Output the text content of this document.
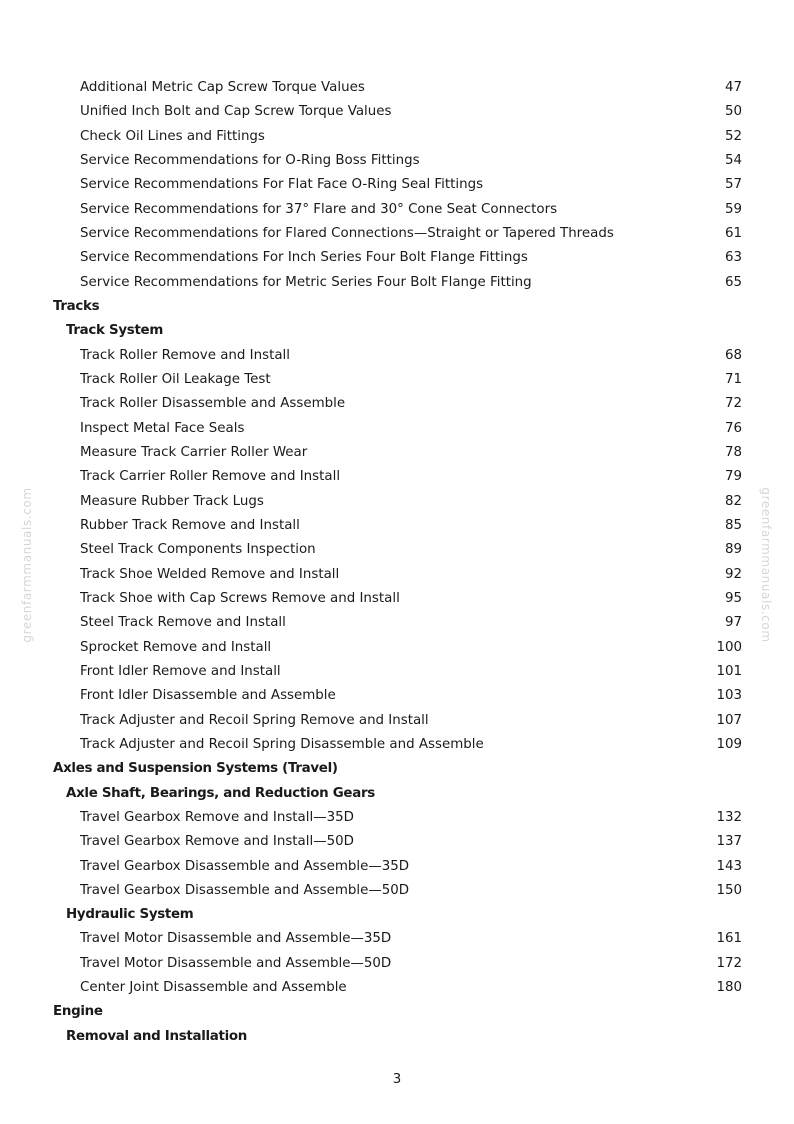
Additional Metric Cap Screw Torque Values	47
Unified Inch Bolt and Cap Screw Torque Values	50
Check Oil Lines and Fittings	52
Service Recommendations for O-Ring Boss Fittings	54
Service Recommendations For Flat Face O-Ring Seal Fittings	57
Service Recommendations for 37° Flare and 30° Cone Seat Connectors	59
Service Recommendations for Flared Connections—Straight or Tapered Threads	61
Service Recommendations For Inch Series Four Bolt Flange Fittings	63
Service Recommendations for Metric Series Four Bolt Flange Fitting	65
Tracks
Track System
Track Roller Remove and Install	68
Track Roller Oil Leakage Test	71
Track Roller Disassemble and Assemble	72
Inspect Metal Face Seals	76
Measure Track Carrier Roller Wear	78
Track Carrier Roller Remove and Install	79
Measure Rubber Track Lugs	82
Rubber Track Remove and Install	85
Steel Track Components Inspection	89
Track Shoe Welded Remove and Install	92
Track Shoe with Cap Screws Remove and Install	95
Steel Track Remove and Install	97
Sprocket Remove and Install	100
Front Idler Remove and Install	101
Front Idler Disassemble and Assemble	103
Track Adjuster and Recoil Spring Remove and Install	107
Track Adjuster and Recoil Spring Disassemble and Assemble	109
Axles and Suspension Systems (Travel)
Axle Shaft, Bearings, and Reduction Gears
Travel Gearbox Remove and Install—35D	132
Travel Gearbox Remove and Install—50D	137
Travel Gearbox Disassemble and Assemble—35D	143
Travel Gearbox Disassemble and Assemble—50D	150
Hydraulic System
Travel Motor Disassemble and Assemble—35D	161
Travel Motor Disassemble and Assemble—50D	172
Center Joint Disassemble and Assemble	180
Engine
Removal and Installation
3
greenfarmmanuals.com	greenfarmmanuals.com
